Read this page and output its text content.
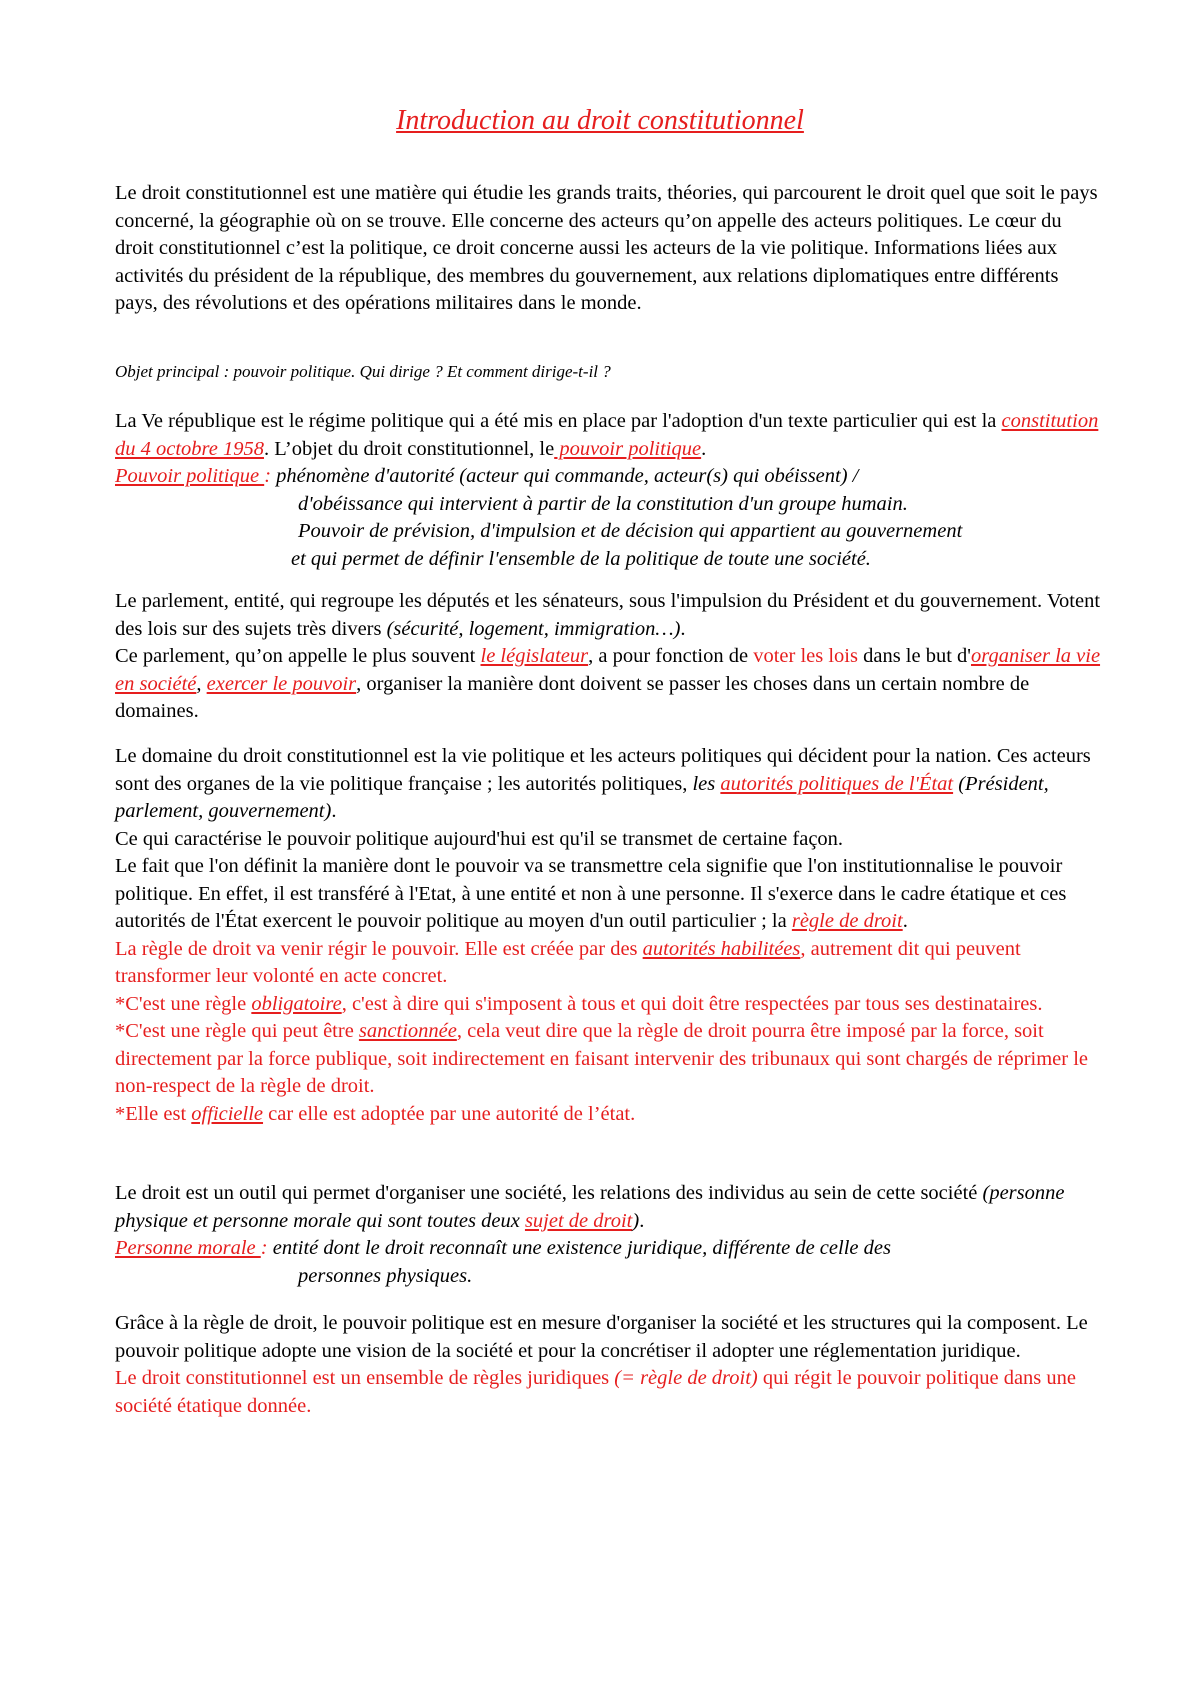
Introduction au droit constitutionnel

Le droit constitutionnel est une matière qui étudie les grands traits, théories, qui parcourent le droit quel que soit le pays concerné, la géographie où on se trouve. Elle concerne des acteurs qu’on appelle des acteurs politiques. Le cœur du droit constitutionnel c’est la politique, ce droit concerne aussi les acteurs de la vie politique. Informations liées aux activités du président de la république, des membres du gouvernement, aux relations diplomatiques entre différents pays, des révolutions et des opérations militaires dans le monde.

Objet principal : pouvoir politique. Qui dirige ? Et comment dirige-t-il ?

La Ve république est le régime politique qui a été mis en place par l'adoption d'un texte particulier qui est la constitution du 4 octobre 1958. L’objet du droit constitutionnel, le pouvoir politique.
Pouvoir politique : phénomène d'autorité (acteur qui commande, acteur(s) qui obéissent) /
d'obéissance qui intervient à partir de la constitution d'un groupe humain.
Pouvoir de prévision, d'impulsion et de décision qui appartient au gouvernement
et qui permet de définir l'ensemble de la politique de toute une société.

Le parlement, entité, qui regroupe les députés et les sénateurs, sous l'impulsion du Président et du gouvernement. Votent des lois sur des sujets très divers (sécurité, logement, immigration…).
Ce parlement, qu’on appelle le plus souvent le législateur, a pour fonction de voter les lois dans le but d'organiser la vie en société, exercer le pouvoir, organiser la manière dont doivent se passer les choses dans un certain nombre de domaines.

Le domaine du droit constitutionnel est la vie politique et les acteurs politiques qui décident pour la nation. Ces acteurs sont des organes de la vie politique française ; les autorités politiques, les autorités politiques de l'État (Président, parlement, gouvernement).
Ce qui caractérise le pouvoir politique aujourd'hui est qu'il se transmet de certaine façon.
Le fait que l'on définit la manière dont le pouvoir va se transmettre cela signifie que l'on institutionnalise le pouvoir politique. En effet, il est transféré à l'Etat, à une entité et non à une personne. Il s'exerce dans le cadre étatique et ces autorités de l'État exercent le pouvoir politique au moyen d'un outil particulier ; la règle de droit.
La règle de droit va venir régir le pouvoir. Elle est créée par des autorités habilitées, autrement dit qui peuvent transformer leur volonté en acte concret.
*C'est une règle obligatoire, c'est à dire qui s'imposent à tous et qui doit être respectées par tous ses destinataires.
*C'est une règle qui peut être sanctionnée, cela veut dire que la règle de droit pourra être imposé par la force, soit directement par la force publique, soit indirectement en faisant intervenir des tribunaux qui sont chargés de réprimer le non-respect de la règle de droit.
*Elle est officielle car elle est adoptée par une autorité de l’état.

Le droit est un outil qui permet d'organiser une société, les relations des individus au sein de cette société (personne physique et personne morale qui sont toutes deux sujet de droit).
Personne morale : entité dont le droit reconnaît une existence juridique, différente de celle des
personnes physiques.

Grâce à la règle de droit, le pouvoir politique est en mesure d'organiser la société et les structures qui la composent. Le pouvoir politique adopte une vision de la société et pour la concrétiser il adopter une réglementation juridique.
Le droit constitutionnel est un ensemble de règles juridiques (= règle de droit) qui régit le pouvoir politique dans une société étatique donnée.
